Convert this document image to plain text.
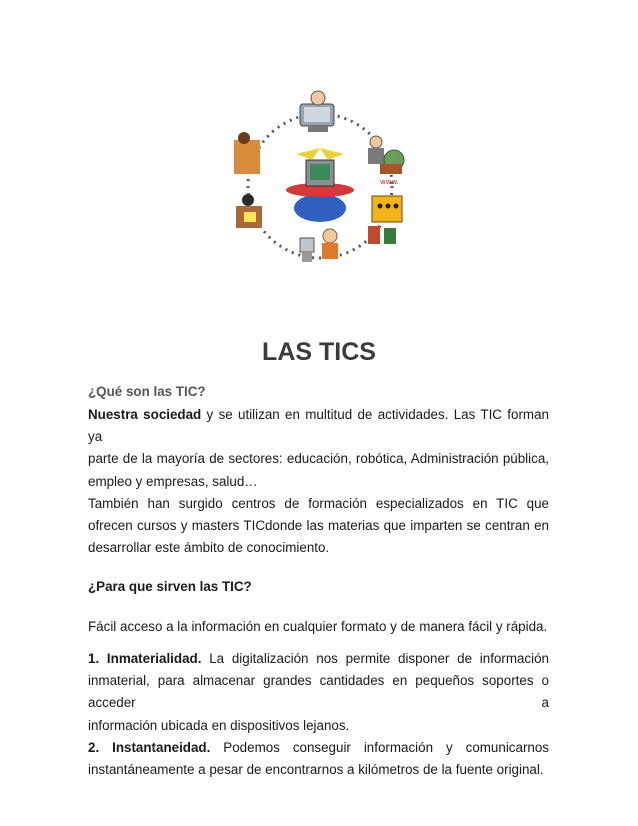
www.
LAS TICS
¿Qué son las TIC?
Nuestra sociedad y se utilizan en multitud de actividades. Las TIC forman ya
parte de la mayoría de sectores: educación, robótica, Administración pública,
empleo y empresas, salud…
También han surgido centros de formación especializados en TIC que
ofrecen cursos y masters TICdonde las materias que imparten se centran en
desarrollar este ámbito de conocimiento.
¿Para que sirven las TIC?
Fácil acceso a la información en cualquier formato y de manera fácil y rápida.
1. Inmaterialidad. La digitalización nos permite disponer de información
inmaterial, para almacenar grandes cantidades en pequeños soportes o acceder a
información ubicada en dispositivos lejanos.
2. Instantaneidad. Podemos conseguir información y comunicarnos
instantáneamente a pesar de encontrarnos a kilómetros de la fuente original.
